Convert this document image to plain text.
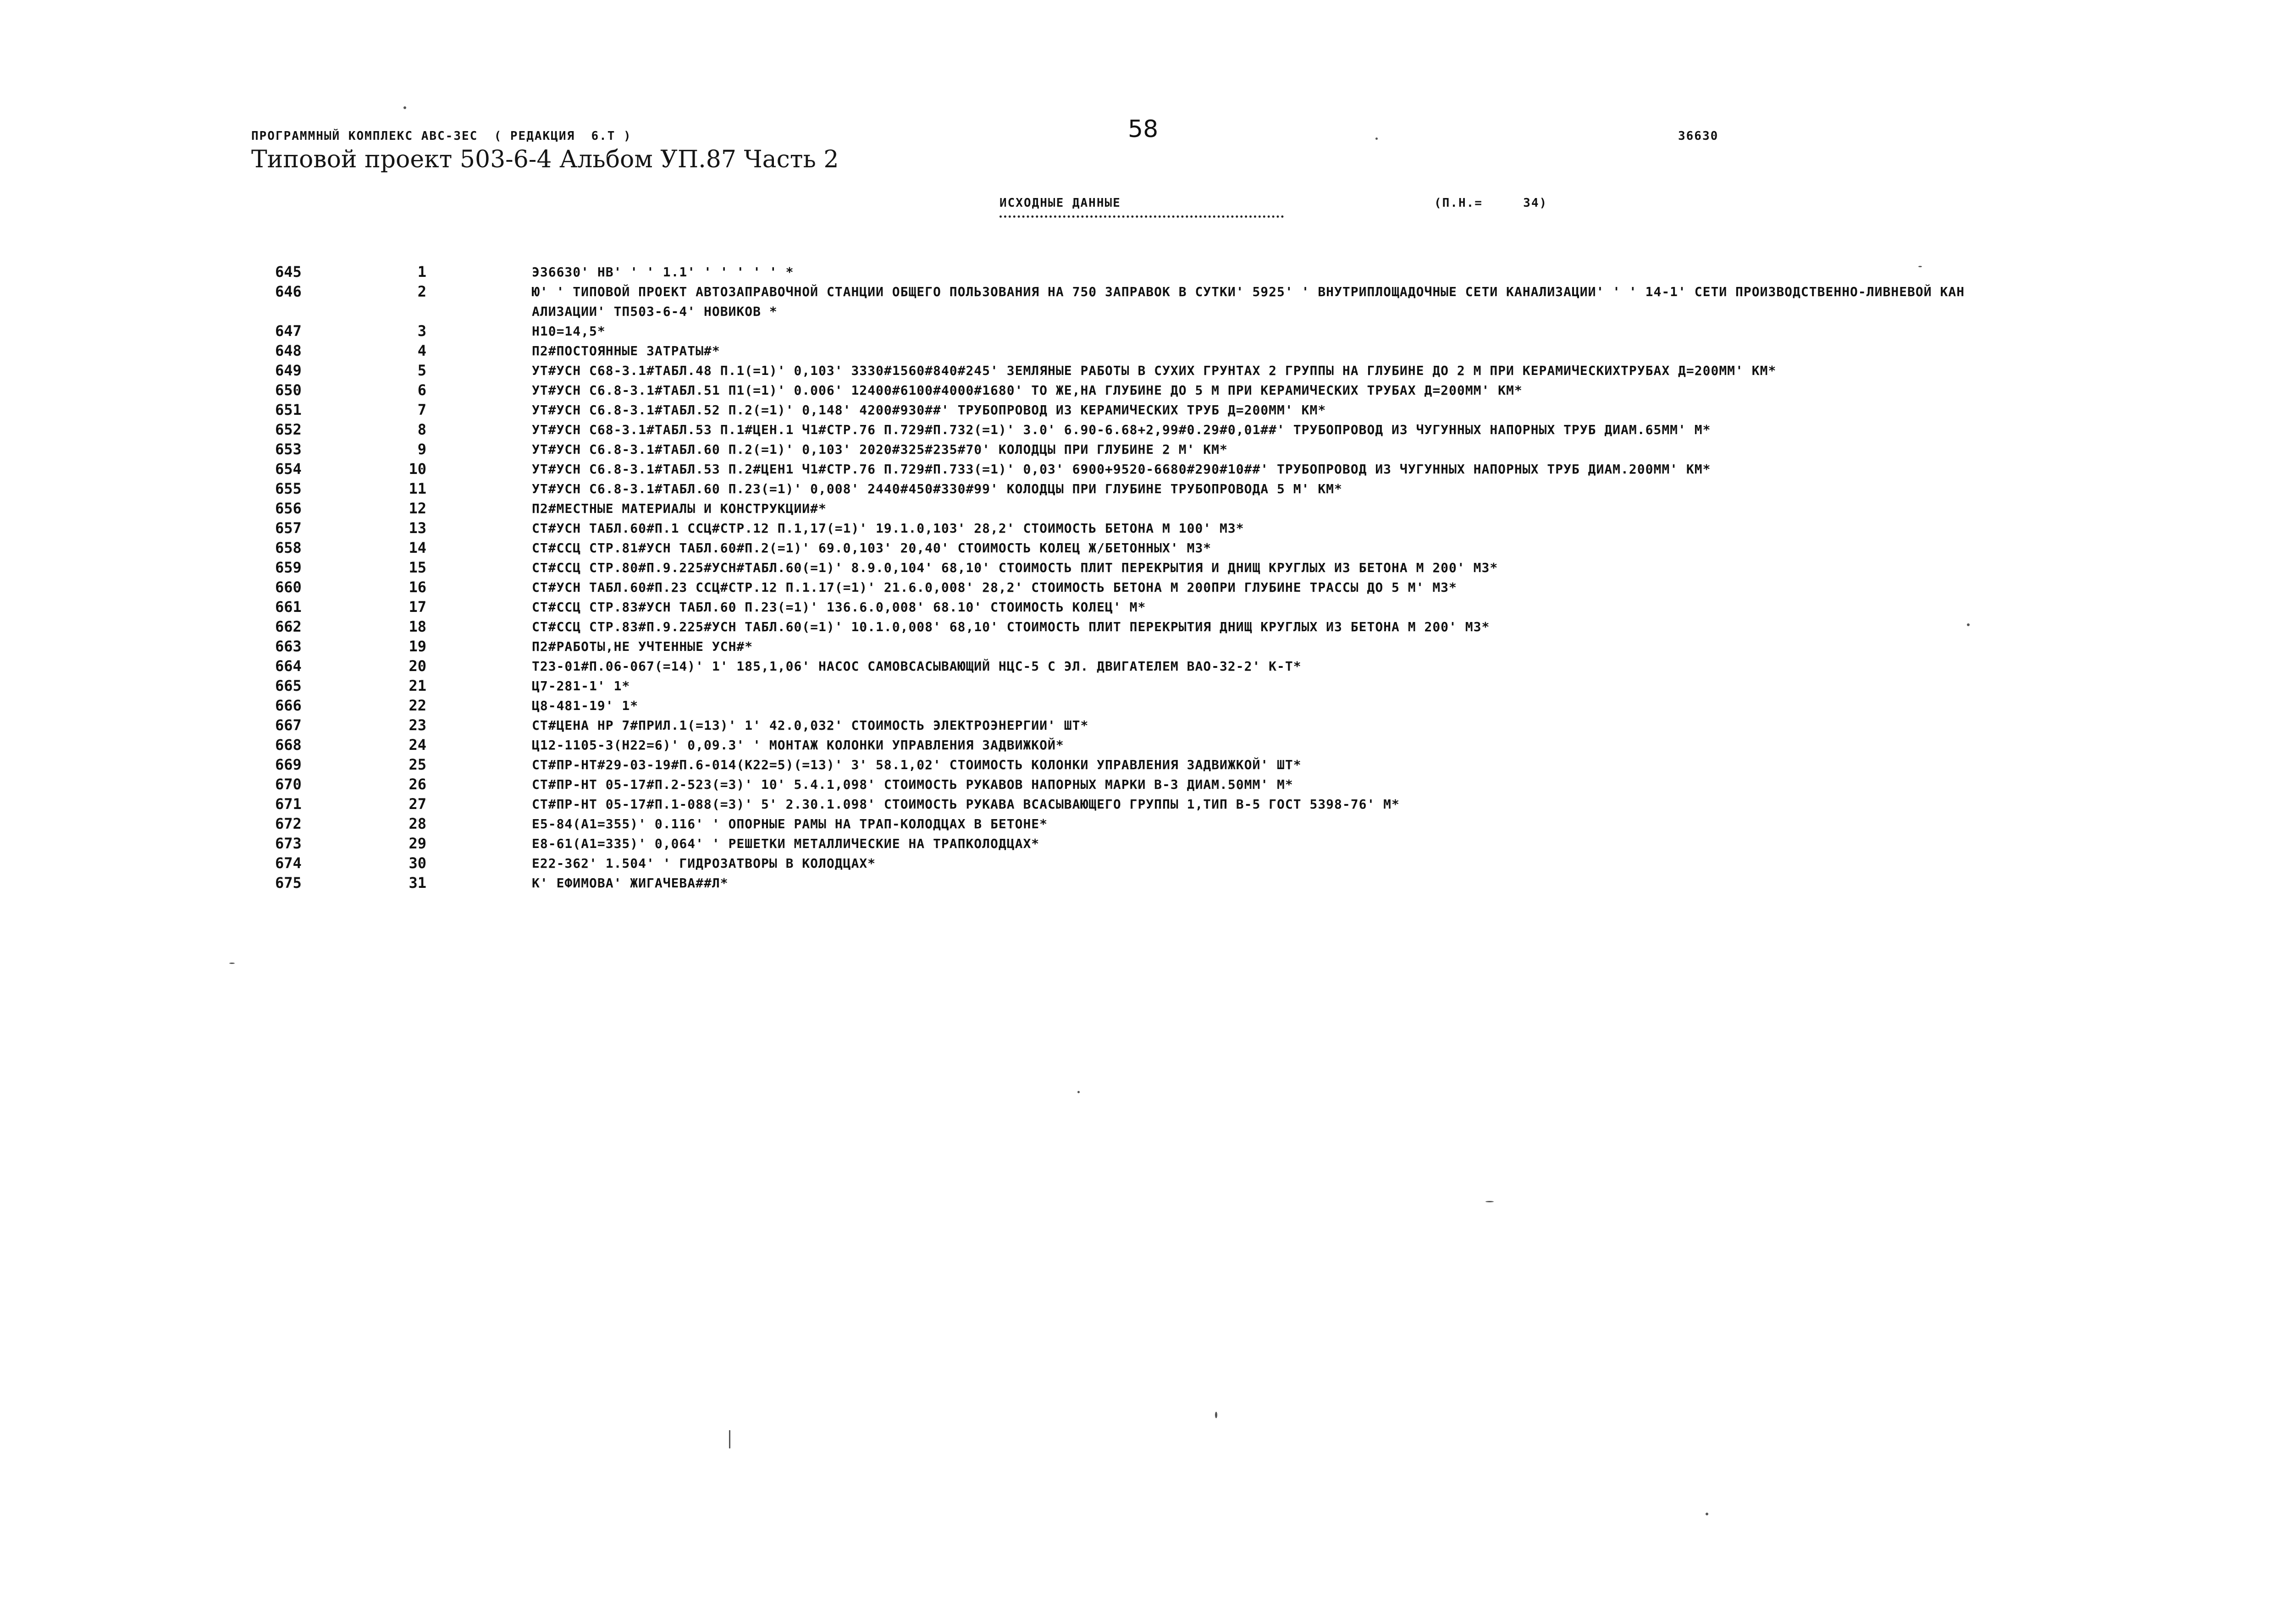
ПРОГРАММНЫЙ КОМПЛЕКС АВС-ЗЕС  ( РЕДАКЦИЯ  6.Т )
Типовой проект 503-6-4 Альбом УП.87 Часть 2
58	36630
ИСХОДНЫЕ ДАННЫЕ	(П.Н.=     34)
645	1	Э36630' НВ' ' ' 1.1' ' ' ' ' ' *
646	2	Ю' ' ТИПОВОЙ ПРОЕКТ АВТОЗАПРАВОЧНОЙ СТАНЦИИ ОБЩЕГО ПОЛЬЗОВАНИЯ НА 750 ЗАПРАВОК В СУТКИ' 5925' ' ВНУТРИПЛОЩАДОЧНЫЕ СЕТИ КАНАЛИЗАЦИИ' ' ' 14-1' СЕТИ ПРОИЗВОДСТВЕННО-ЛИВНЕВОЙ КАНАЛИЗАЦИИ' ТП503-6-4' НОВИКОВ *
647	3	Н10=14,5*
648	4	П2#ПОСТОЯННЫЕ ЗАТРАТЫ#*
649	5	УТ#УСН С68-3.1#ТАБЛ.48 П.1(=1)' 0,103' 3330#1560#840#245' ЗЕМЛЯНЫЕ РАБОТЫ В СУХИХ ГРУНТАХ 2 ГРУППЫ НА ГЛУБИНЕ ДО 2 М ПРИ КЕРАМИЧЕСКИХТРУБАХ Д=200ММ' КМ*
650	6	УТ#УСН С6.8-3.1#ТАБЛ.51 П1(=1)' 0.006' 12400#6100#4000#1680' ТО ЖЕ,НА ГЛУБИНЕ ДО 5 М ПРИ КЕРАМИЧЕСКИХ ТРУБАХ Д=200ММ' КМ*
651	7	УТ#УСН С6.8-3.1#ТАБЛ.52 П.2(=1)' 0,148' 4200#930##' ТРУБОПРОВОД ИЗ КЕРАМИЧЕСКИХ ТРУБ Д=200ММ' КМ*
652	8	УТ#УСН С68-3.1#ТАБЛ.53 П.1#ЦЕН.1 Ч1#СТР.76 П.729#П.732(=1)' 3.0' 6.90-6.68+2,99#0.29#0,01##' ТРУБОПРОВОД ИЗ ЧУГУННЫХ НАПОРНЫХ ТРУБ ДИАМ.65ММ' М*
653	9	УТ#УСН С6.8-3.1#ТАБЛ.60 П.2(=1)' 0,103' 2020#325#235#70' КОЛОДЦЫ ПРИ ГЛУБИНЕ 2 М' КМ*
654	10	УТ#УСН С6.8-3.1#ТАБЛ.53 П.2#ЦЕН1 Ч1#СТР.76 П.729#П.733(=1)' 0,03' 6900+9520-6680#290#10##' ТРУБОПРОВОД ИЗ ЧУГУННЫХ НАПОРНЫХ ТРУБ ДИАМ.200ММ' КМ*
655	11	УТ#УСН С6.8-3.1#ТАБЛ.60 П.23(=1)' 0,008' 2440#450#330#99' КОЛОДЦЫ ПРИ ГЛУБИНЕ ТРУБОПРОВОДА 5 М' КМ*
656	12	П2#МЕСТНЫЕ МАТЕРИАЛЫ И КОНСТРУКЦИИ#*
657	13	СТ#УСН ТАБЛ.60#П.1 ССЦ#СТР.12 П.1,17(=1)' 19.1.0,103' 28,2' СТОИМОСТЬ БЕТОНА М 100' М3*
658	14	СТ#ССЦ СТР.81#УСН ТАБЛ.60#П.2(=1)' 69.0,103' 20,40' СТОИМОСТЬ КОЛЕЦ Ж/БЕТОННЫХ' М3*
659	15	СТ#ССЦ СТР.80#П.9.225#УСН#ТАБЛ.60(=1)' 8.9.0,104' 68,10' СТОИМОСТЬ ПЛИТ ПЕРЕКРЫТИЯ И ДНИЩ КРУГЛЫХ ИЗ БЕТОНА М 200' М3*
660	16	СТ#УСН ТАБЛ.60#П.23 ССЦ#СТР.12 П.1.17(=1)' 21.6.0,008' 28,2' СТОИМОСТЬ БЕТОНА М 200ПРИ ГЛУБИНЕ ТРАССЫ ДО 5 М' М3*
661	17	СТ#ССЦ СТР.83#УСН ТАБЛ.60 П.23(=1)' 136.6.0,008' 68.10' СТОИМОСТЬ КОЛЕЦ' М*
662	18	СТ#ССЦ СТР.83#П.9.225#УСН ТАБЛ.60(=1)' 10.1.0,008' 68,10' СТОИМОСТЬ ПЛИТ ПЕРЕКРЫТИЯ ДНИЩ КРУГЛЫХ ИЗ БЕТОНА М 200' М3*
663	19	П2#РАБОТЫ,НЕ УЧТЕННЫЕ УСН#*
664	20	Т23-01#П.06-067(=14)' 1' 185,1,06' НАСОС САМОВСАСЫВАЮЩИЙ НЦС-5 С ЭЛ. ДВИГАТЕЛЕМ ВАО-32-2' К-Т*
665	21	Ц7-281-1' 1*
666	22	Ц8-481-19' 1*
667	23	СТ#ЦЕНА НР 7#ПРИЛ.1(=13)' 1' 42.0,032' СТОИМОСТЬ ЭЛЕКТРОЭНЕРГИИ' ШТ*
668	24	Ц12-1105-3(Н22=6)' 0,09.3' ' МОНТАЖ КОЛОНКИ УПРАВЛЕНИЯ ЗАДВИЖКОЙ*
669	25	СТ#ПР-НТ#29-03-19#П.6-014(К22=5)(=13)' 3' 58.1,02' СТОИМОСТЬ КОЛОНКИ УПРАВЛЕНИЯ ЗАДВИЖКОЙ' ШТ*
670	26	СТ#ПР-НТ 05-17#П.2-523(=3)' 10' 5.4.1,098' СТОИМОСТЬ РУКАВОВ НАПОРНЫХ МАРКИ В-3 ДИАМ.50ММ' М*
671	27	СТ#ПР-НТ 05-17#П.1-088(=3)' 5' 2.30.1.098' СТОИМОСТЬ РУКАВА ВСАСЫВАЮЩЕГО ГРУППЫ 1,ТИП В-5 ГОСТ 5398-76' М*
672	28	Е5-84(А1=355)' 0.116' ' ОПОРНЫЕ РАМЫ НА ТРАП-КОЛОДЦАХ В БЕТОНЕ*
673	29	Е8-61(А1=335)' 0,064' ' РЕШЕТКИ МЕТАЛЛИЧЕСКИЕ НА ТРАПКОЛОДЦАХ*
674	30	Е22-362' 1.504' ' ГИДРОЗАТВОРЫ В КОЛОДЦАХ*
675	31	К' ЕФИМОВА' ЖИГАЧЕВА##Л*
